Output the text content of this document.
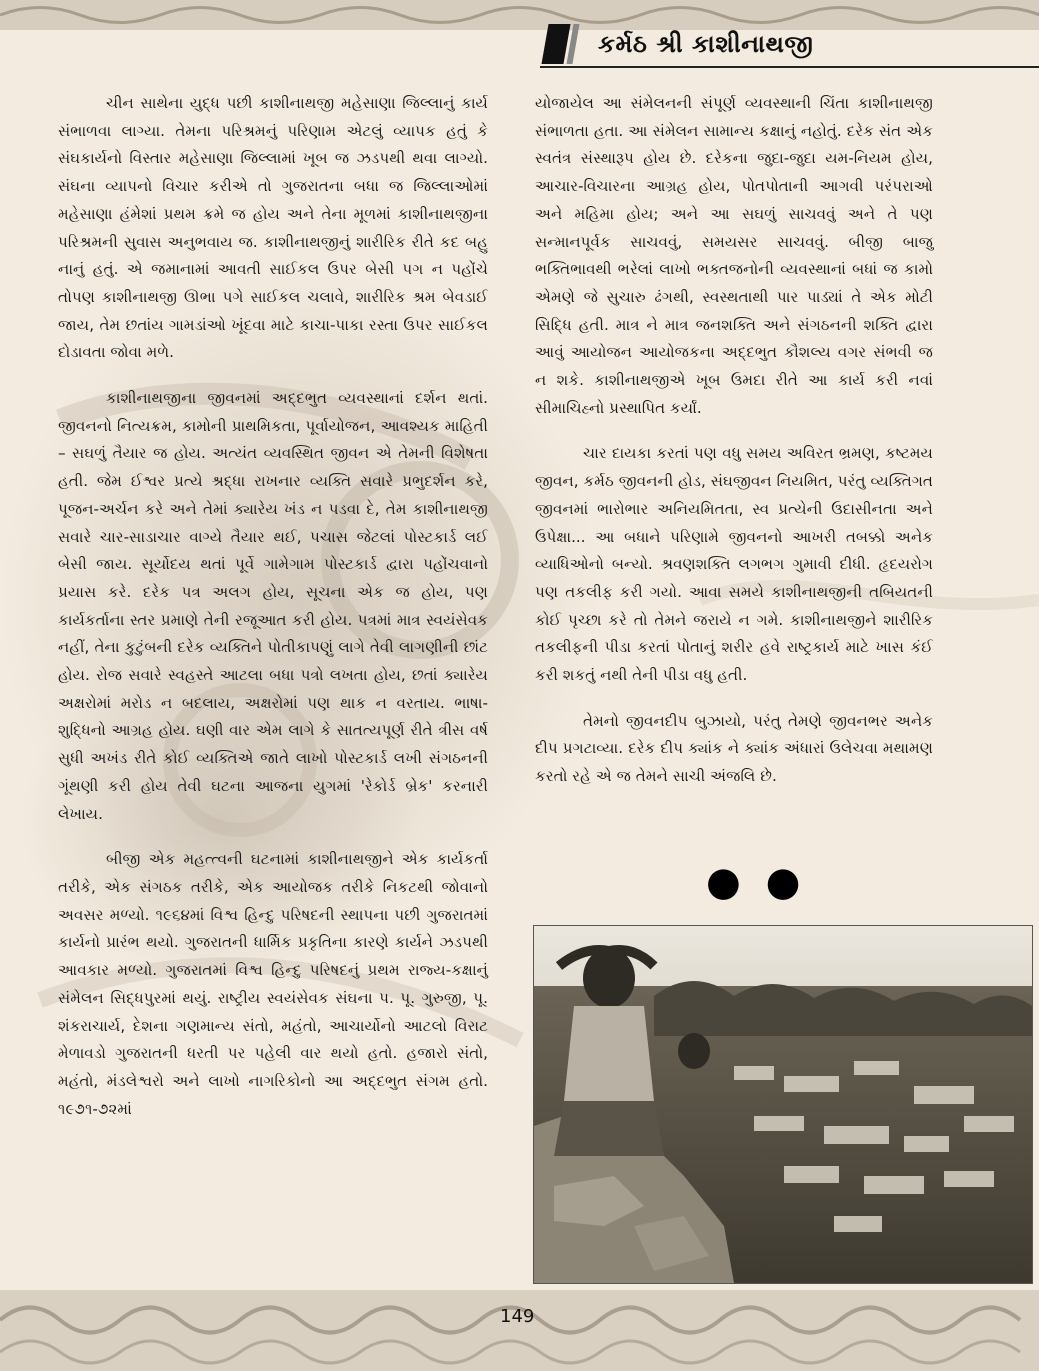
કર્મઠ શ્રી કાશીનાથજી

ચીન સાથેના યુદ્ધ પછી કાશીનાથજી મહેસાણા જિલ્લાનું કાર્ય સંભાળવા લાગ્યા. તેમના પરિશ્રમનું પરિણામ એટલું વ્યાપક હતું કે સંઘકાર્યનો વિસ્તાર મહેસાણા જિલ્લામાં ખૂબ જ ઝડપથી થવા લાગ્યો. સંઘના વ્યાપનો વિચાર કરીએ તો ગુજરાતના બધા જ જિલ્લાઓમાં મહેસાણા હંમેશાં પ્રથમ ક્રમે જ હોય અને તેના મૂળમાં કાશીનાથજીના પરિશ્રમની સુવાસ અનુભવાય જ. કાશીનાથજીનું શારીરિક રીતે કદ બહુ નાનું હતું. એ જમાનામાં આવતી સાઈકલ ઉપર બેસી પગ ન પહોંચે તોપણ કાશીનાથજી ઊભા પગે સાઈકલ ચલાવે, શારીરિક શ્રમ બેવડાઈ જાય, તેમ છતાંય ગામડાંઓ ખૂંદવા માટે કાચા-પાકા રસ્તા ઉપર સાઈકલ દોડાવતા જોવા મળે.

કાશીનાથજીના જીવનમાં અદ્દભુત વ્યવસ્થાનાં દર્શન થતાં. જીવનનો નિત્યક્રમ, કામોની પ્રાથમિકતા, પૂર્વાયોજન, આવશ્યક માહિતી – સઘળું તૈયાર જ હોય. અત્યંત વ્યવસ્થિત જીવન એ તેમની વિશેષતા હતી. જેમ ઈશ્વર પ્રત્યે શ્રદ્ધા રાખનાર વ્યક્તિ સવારે પ્રભુદર્શન કરે, પૂજન-અર્ચન કરે અને તેમાં ક્યારેય ખંડ ન પડવા દે, તેમ કાશીનાથજી સવારે ચાર-સાડાચાર વાગ્યે તૈયાર થઈ, પચાસ જેટલાં પોસ્ટકાર્ડ લઈ બેસી જાય. સૂર્યોદય થતાં પૂર્વે ગામેગામ પોસ્ટકાર્ડ દ્વારા પહોંચવાનો પ્રયાસ કરે. દરેક પત્ર અલગ હોય, સૂચના એક જ હોય, પણ કાર્યકર્તાના સ્તર પ્રમાણે તેની રજૂઆત કરી હોય. પત્રમાં માત્ર સ્વયંસેવક નહીં, તેના કુટુંબની દરેક વ્યક્તિને પોતીકાપણું લાગે તેવી લાગણીની છાંટ હોય. રોજ સવારે સ્વહસ્તે આટલા બધા પત્રો લખતા હોય, છતાં ક્યારેય અક્ષરોમાં મરોડ ન બદલાય, અક્ષરોમાં પણ થાક ન વરતાય. ભાષા-શુદ્ધિનો આગ્રહ હોય. ઘણી વાર એમ લાગે કે સાતત્યપૂર્ણ રીતે ત્રીસ વર્ષ સુધી અખંડ રીતે કોઈ વ્યક્તિએ જાતે લાખો પોસ્ટકાર્ડ લખી સંગઠનની ગૂંથણી કરી હોય તેવી ઘટના આજના યુગમાં 'રેકોર્ડ બ્રેક' કરનારી લેખાય.

બીજી એક મહત્ત્વની ઘટનામાં કાશીનાથજીને એક કાર્યકર્તા તરીકે, એક સંગઠક તરીકે, એક આયોજક તરીકે નિકટથી જોવાનો અવસર મળ્યો. ૧૯૬૪માં વિશ્વ હિન્દુ પરિષદની સ્થાપના પછી ગુજરાતમાં કાર્યનો પ્રારંભ થયો. ગુજરાતની ધાર્મિક પ્રકૃતિના કારણે કાર્યને ઝડપથી આવકાર મળ્યો. ગુજરાતમાં વિશ્વ હિન્દુ પરિષદનું પ્રથમ રાજ્ય-કક્ષાનું સંમેલન સિદ્ધપુરમાં થયું. રાષ્ટ્રીય સ્વયંસેવક સંઘના પ. પૂ. ગુરુજી, પૂ. શંકરાચાર્ય, દેશના ગણમાન્ય સંતો, મહંતો, આચાર્યોનો આટલો વિરાટ મેળાવડો ગુજરાતની ધરતી પર પહેલી વાર થયો હતો. હજારો સંતો, મહંતો, મંડલેશ્વરો અને લાખો નાગરિકોનો આ અદ્દભુત સંગમ હતો. ૧૯૭૧-૭૨માં

યોજાયેલ આ સંમેલનની સંપૂર્ણ વ્યવસ્થાની ચિંતા કાશીનાથજી સંભાળતા હતા. આ સંમેલન સામાન્ય કક્ષાનું નહોતું. દરેક સંત એક સ્વતંત્ર સંસ્થારૂપ હોય છે. દરેકના જુદા-જુદા યમ-નિયમ હોય, આચાર-વિચારના આગ્રહ હોય, પોતપોતાની આગવી પરંપરાઓ અને મહિમા હોય; અને આ સઘળું સાચવવું અને તે પણ સન્માનપૂર્વક સાચવવું, સમયસર સાચવવું. બીજી બાજુ ભક્તિભાવથી ભરેલાં લાખો ભક્તજનોની વ્યવસ્થાનાં બધાં જ કામો એમણે જે સુચારુ ઢંગથી, સ્વસ્થતાથી પાર પાડ્યાં તે એક મોટી સિદ્ધિ હતી. માત્ર ને માત્ર જનશક્તિ અને સંગઠનની શક્તિ દ્વારા આવું આયોજન આયોજકના અદ્દભુત કૌશલ્ય વગર સંભવી જ ન શકે. કાશીનાથજીએ ખૂબ ઉમદા રીતે આ કાર્ય કરી નવાં સીમાચિહ્નો પ્રસ્થાપિત કર્યાં.

ચાર દાયકા કરતાં પણ વધુ સમય અવિરત ભ્રમણ, કષ્ટમય જીવન, કર્મઠ જીવનની હોડ, સંઘજીવન નિયમિત, પરંતુ વ્યક્તિગત જીવનમાં ભારોભાર અનિયમિતતા, સ્વ પ્રત્યેની ઉદાસીનતા અને ઉપેક્ષા... આ બધાને પરિણામે જીવનનો આખરી તબક્કો અનેક વ્યાધિઓનો બન્યો. શ્રવણશક્તિ લગભગ ગુમાવી દીધી. હૃદયરોગ પણ તકલીફ કરી ગયો. આવા સમયે કાશીનાથજીની તબિયતની કોઈ પૃચ્છા કરે તો તેમને જરાયે ન ગમે. કાશીનાથજીને શારીરિક તકલીફની પીડા કરતાં પોતાનું શરીર હવે રાષ્ટ્રકાર્ય માટે ખાસ કંઈ કરી શકતું નથી તેની પીડા વધુ હતી.

તેમનો જીવનદીપ બુઝાયો, પરંતુ તેમણે જીવનભર અનેક દીપ પ્રગટાવ્યા. દરેક દીપ ક્યાંક ને ક્યાંક અંધારાં ઉલેચવા મથામણ કરતો રહે એ જ તેમને સાચી અંજલિ છે.

● ●
149
